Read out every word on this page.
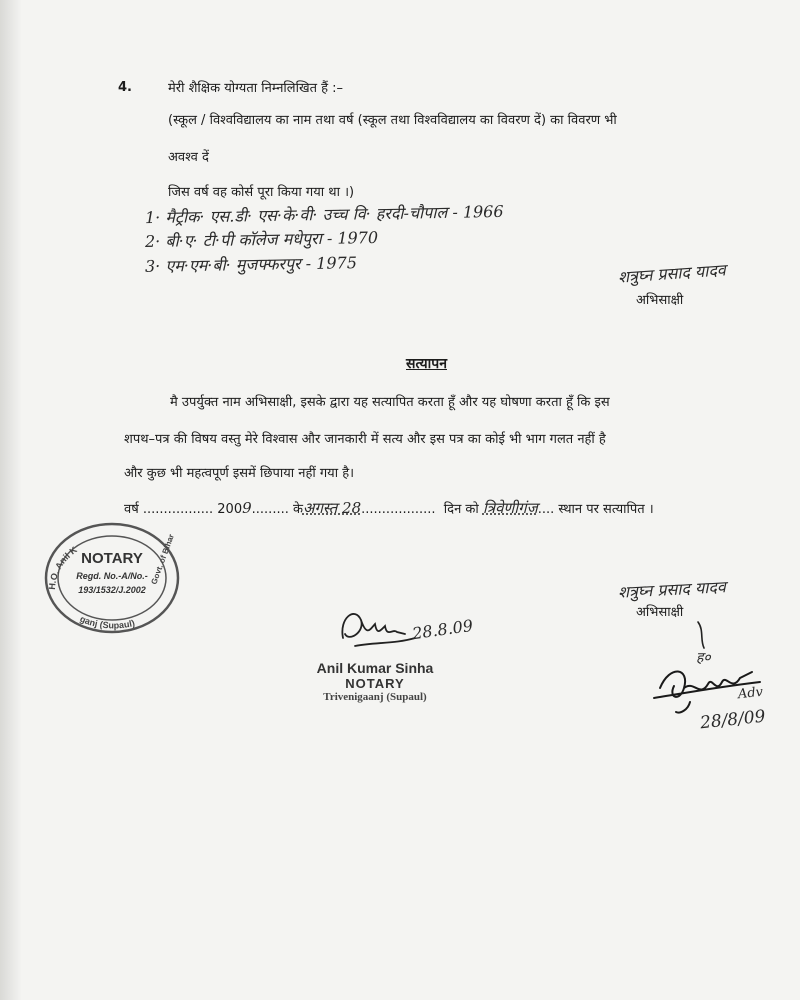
4.	मेरी शैक्षिक योग्यता निम्नलिखित हैं :–
(स्कूल / विश्वविद्यालय का नाम तथा वर्ष (स्कूल तथा विश्वविद्यालय का विवरण दें) का विवरण भी
अवश्व दें
जिस वर्ष वह कोर्स पूरा किया गया था ।)
1· मैट्रीक· एस.डी· एस·के·वी· उच्च वि· हरदी-चौपाल - 1966
2· बी·ए· टी·पी कॉलेज मधेपुरा - 1970
3· एम·एम·बी· मुजफ्फरपुर - 1975	शत्रुघ्न प्रसाद यादव
अभिसाक्षी
सत्यापन
मै उपर्युक्त नाम अभिसाक्षी, इसके द्वारा यह सत्यापित करता हूँ और यह घोषणा करता हूँ कि इस
शपथ–पत्र की विषय वस्तु मेरे विश्वास और जानकारी में सत्य और इस पत्र का कोई भी भाग गलत नहीं है
और कुछ भी महत्वपूर्ण इसमें छिपाया नहीं गया है।
वर्ष ................. 2009......... केअगस्त 28.................. दिन को त्रिवेणीगंज.... स्थान पर सत्यापित ।
H.O. Anil K	Govt. of Bihar
ganj (Supaul)
NOTARY
Regd. No.-A/No.-
193/1532/J.2002
28.8.09
Anil Kumar Sinha
NOTARY
Trivenigaanj (Supaul)
शत्रुघ्न प्रसाद यादव
अभिसाक्षी
ह०
Adv
28/8/09
